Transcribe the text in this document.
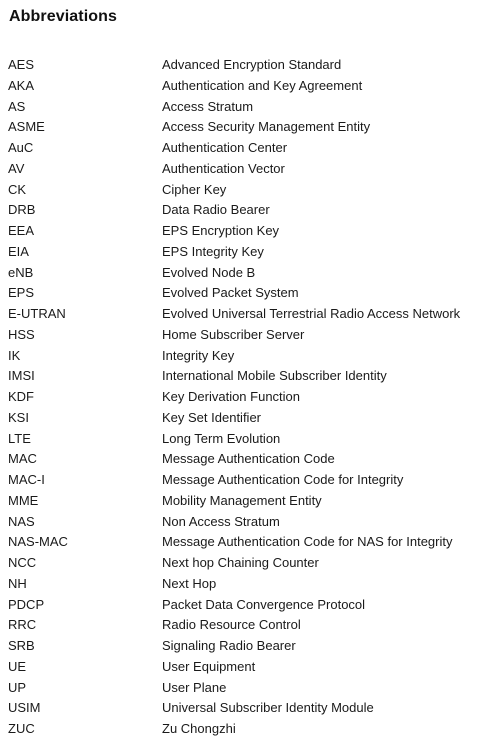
Abbreviations
AES	Advanced Encryption Standard
AKA	Authentication and Key Agreement
AS	Access Stratum
ASME	Access Security Management Entity
AuC	Authentication Center
AV	Authentication Vector
CK	Cipher Key
DRB	Data Radio Bearer
EEA	EPS Encryption Key
EIA	EPS Integrity Key
eNB	Evolved Node B
EPS	Evolved Packet System
E-UTRAN	Evolved Universal Terrestrial Radio Access Network
HSS	Home Subscriber Server
IK	Integrity Key
IMSI	International Mobile Subscriber Identity
KDF	Key Derivation Function
KSI	Key Set Identifier
LTE	Long Term Evolution
MAC	Message Authentication Code
MAC-I	Message Authentication Code for Integrity
MME	Mobility Management Entity
NAS	Non Access Stratum
NAS-MAC	Message Authentication Code for NAS for Integrity
NCC	Next hop Chaining Counter
NH	Next Hop
PDCP	Packet Data Convergence Protocol
RRC	Radio Resource Control
SRB	Signaling Radio Bearer
UE	User Equipment
UP	User Plane
USIM	Universal Subscriber Identity Module
ZUC	Zu Chongzhi
